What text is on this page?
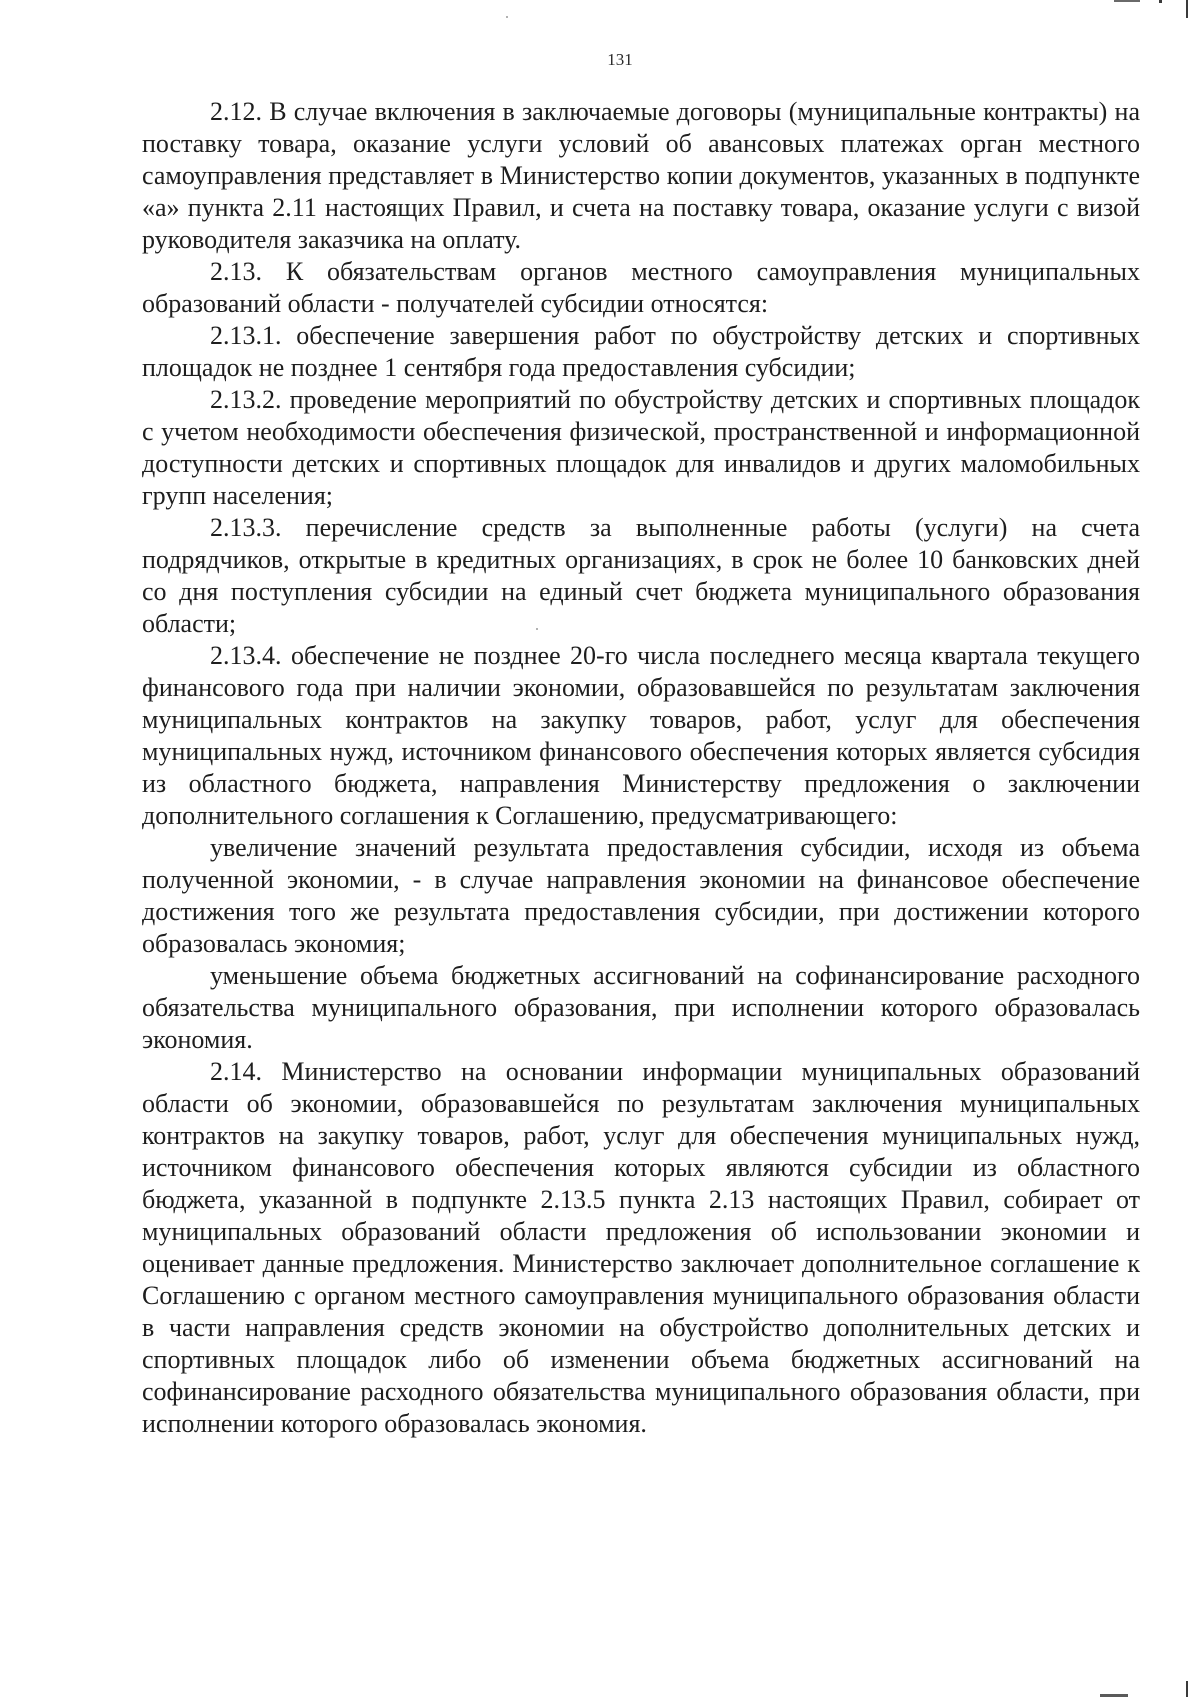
131

2.12. В случае включения в заключаемые договоры (муниципальные контракты) на поставку товара, оказание услуги условий об авансовых платежах орган местного самоуправления представляет в Министерство копии документов, указанных в подпункте «а» пункта 2.11 настоящих Правил, и счета на поставку товара, оказание услуги с визой руководителя заказчика на оплату.

2.13. К обязательствам органов местного самоуправления муниципальных образований области - получателей субсидии относятся:

2.13.1. обеспечение завершения работ по обустройству детских и спортивных площадок не позднее 1 сентября года предоставления субсидии;

2.13.2. проведение мероприятий по обустройству детских и спортивных площадок с учетом необходимости обеспечения физической, пространственной и информационной доступности детских и спортивных площадок для инвалидов и других маломобильных групп населения;

2.13.3. перечисление средств за выполненные работы (услуги) на счета подрядчиков, открытые в кредитных организациях, в срок не более 10 банковских дней со дня поступления субсидии на единый счет бюджета муниципального образования области;

2.13.4. обеспечение не позднее 20-го числа последнего месяца квартала текущего финансового года при наличии экономии, образовавшейся по результатам заключения муниципальных контрактов на закупку товаров, работ, услуг для обеспечения муниципальных нужд, источником финансового обеспечения которых является субсидия из областного бюджета, направления Министерству предложения о заключении дополнительного соглашения к Соглашению, предусматривающего:

увеличение значений результата предоставления субсидии, исходя из объема полученной экономии, - в случае направления экономии на финансовое обеспечение достижения того же результата предоставления субсидии, при достижении которого образовалась экономия;

уменьшение объема бюджетных ассигнований на софинансирование расходного обязательства муниципального образования, при исполнении которого образовалась экономия.

2.14. Министерство на основании информации муниципальных образований области об экономии, образовавшейся по результатам заключения муниципальных контрактов на закупку товаров, работ, услуг для обеспечения муниципальных нужд, источником финансового обеспечения которых являются субсидии из областного бюджета, указанной в подпункте 2.13.5 пункта 2.13 настоящих Правил, собирает от муниципальных образований области предложения об использовании экономии и оценивает данные предложения. Министерство заключает дополнительное соглашение к Соглашению с органом местного самоуправления муниципального образования области в части направления средств экономии на обустройство дополнительных детских и спортивных площадок либо об изменении объема бюджетных ассигнований на софинансирование расходного обязательства муниципального образования области, при исполнении которого образовалась экономия.
